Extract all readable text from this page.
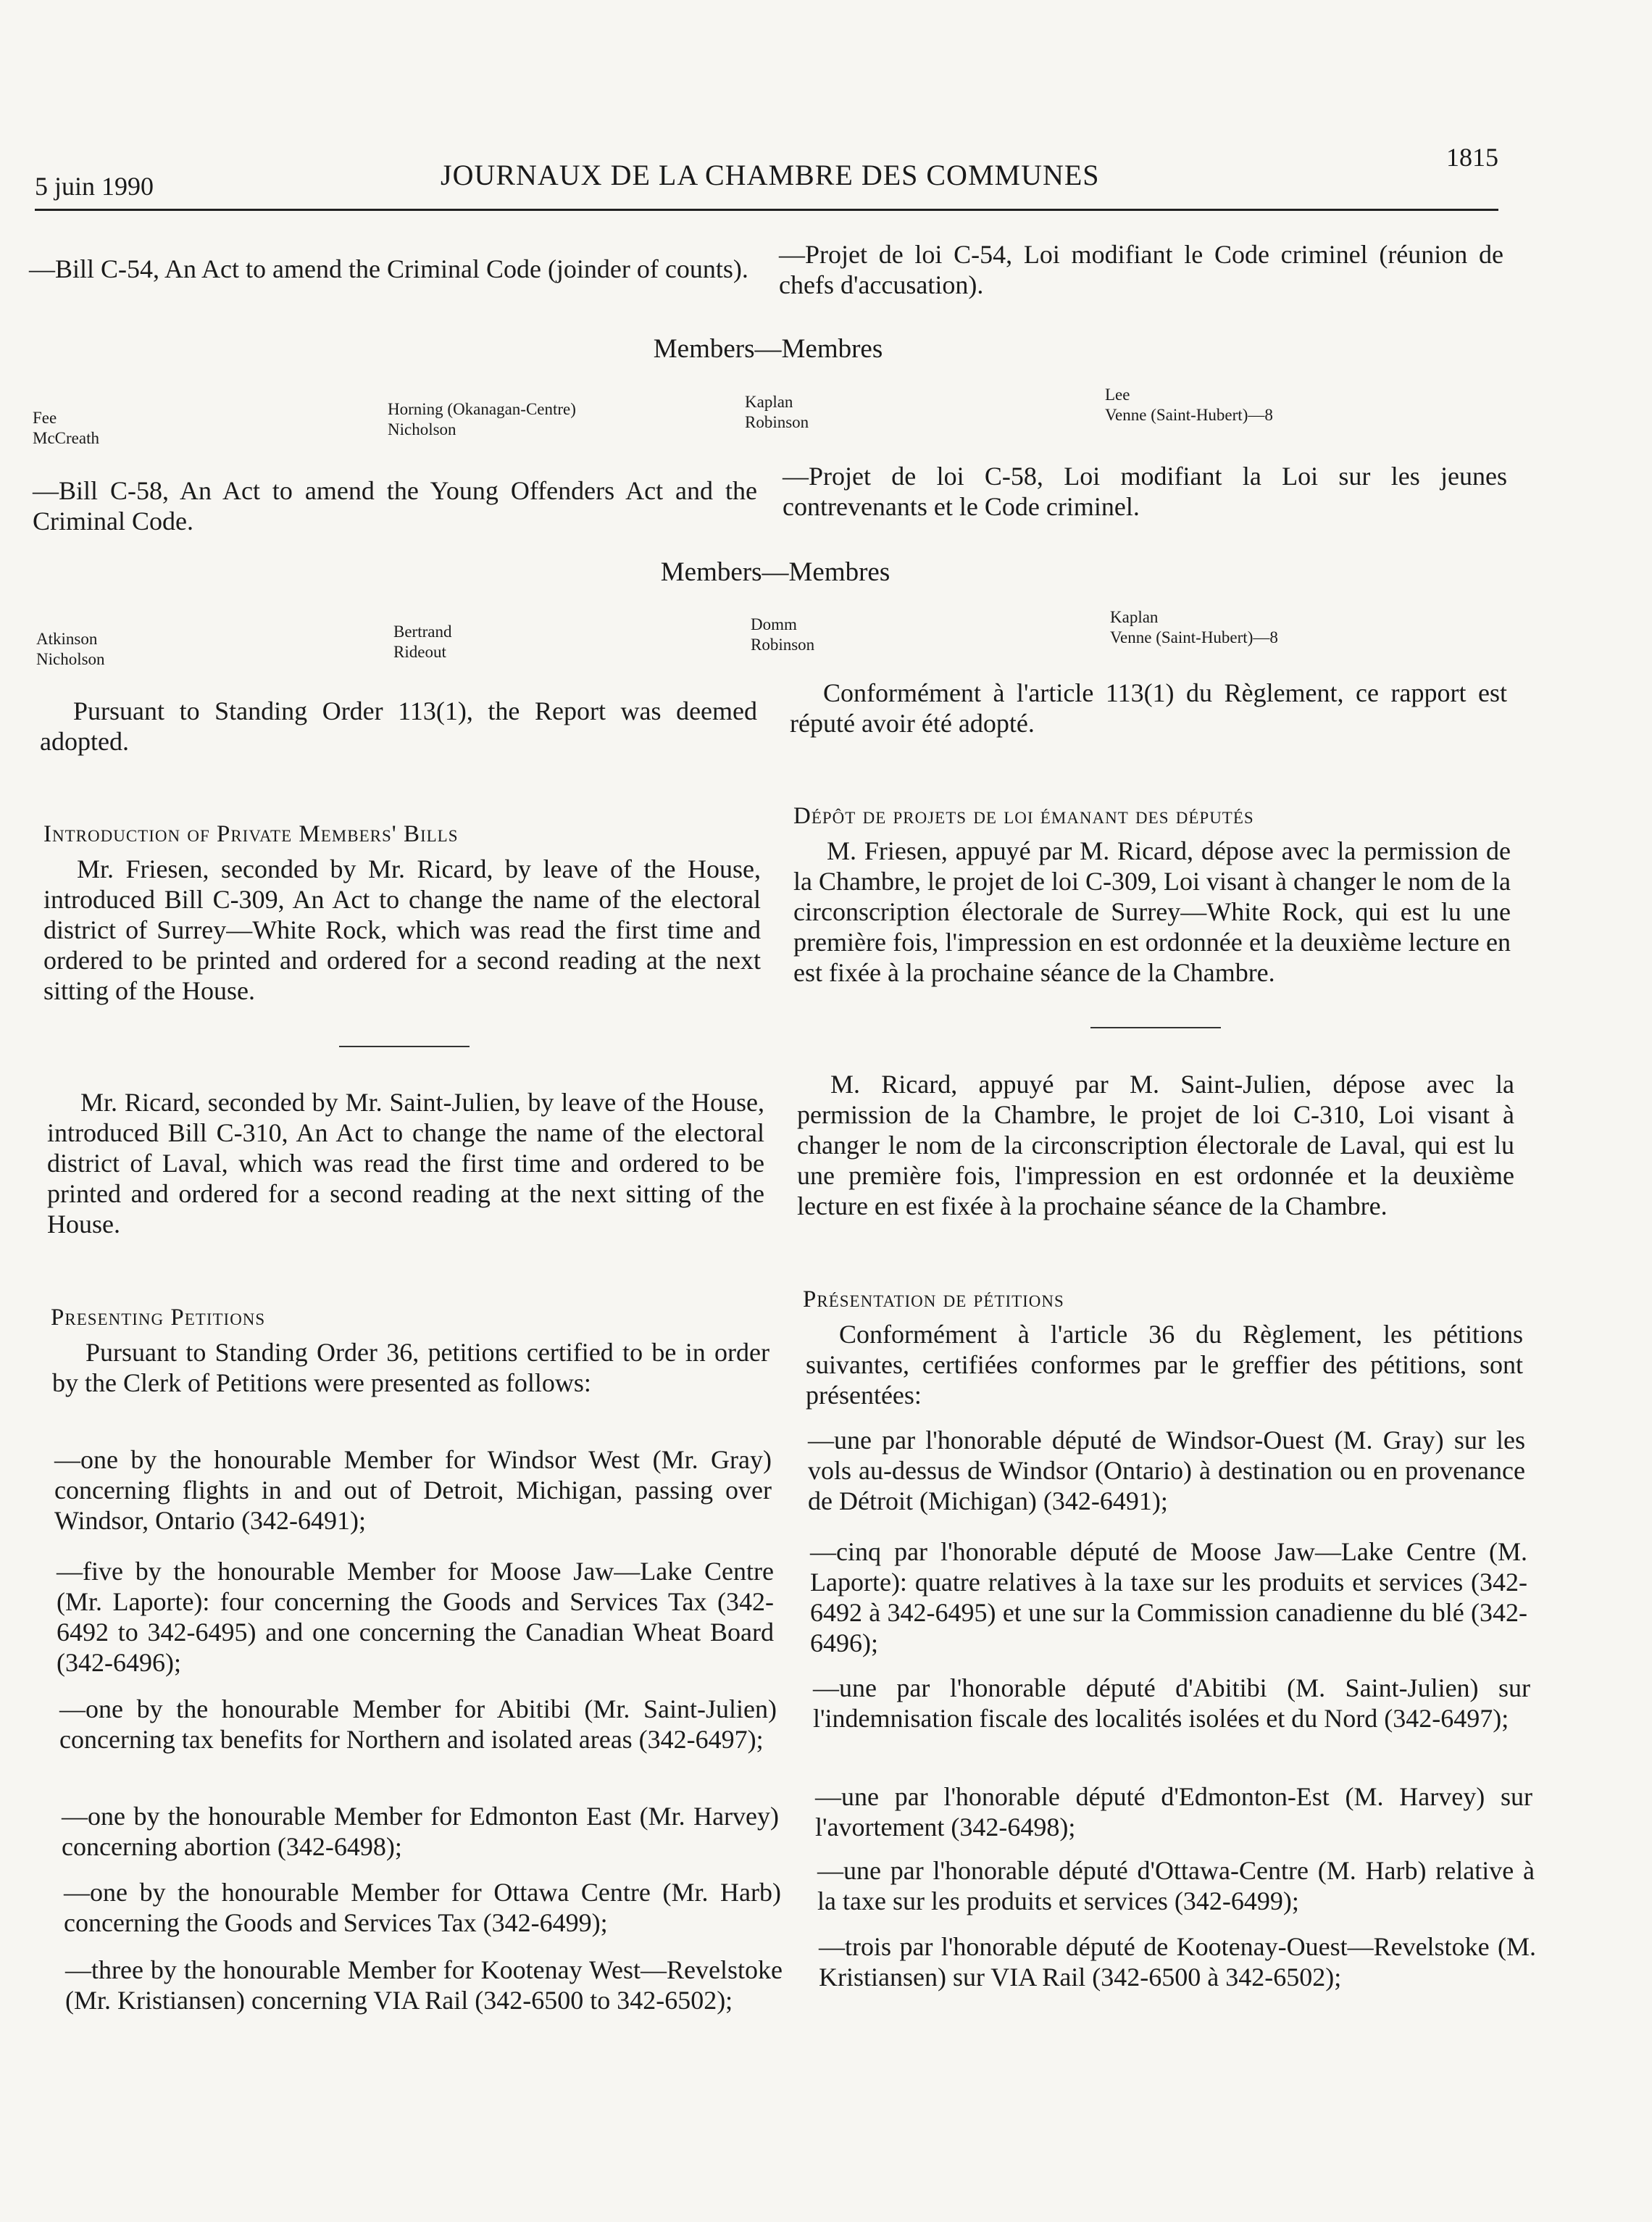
5 juin 1990	JOURNAUX DE LA CHAMBRE DES COMMUNES
1815
—Bill C-54, An Act to amend the Criminal Code (joinder of counts). —Projet de loi C-54, Loi modifiant le Code criminel (réunion de chefs d'accusation).
Members—Membres
Fee
McCreath
Horning (Okanagan-Centre)
Nicholson
Kaplan
Robinson
Lee
Venne (Saint-Hubert)—8
—Bill C-58, An Act to amend the Young Offenders Act and the Criminal Code.
—Projet de loi C-58, Loi modifiant la Loi sur les jeunes contrevenants et le Code criminel.
Members—Membres
Atkinson
Nicholson
Bertrand
Rideout
Domm
Robinson
Kaplan
Venne (Saint-Hubert)—8
Pursuant to Standing Order 113(1), the Report was deemed adopted.
Conformément à l'article 113(1) du Règlement, ce rapport est réputé avoir été adopté.
Introduction of Private Members' Bills
Dépôt de projets de loi émanant des députés
Mr. Friesen, seconded by Mr. Ricard, by leave of the House, introduced Bill C-309, An Act to change the name of the electoral district of Surrey—White Rock, which was read the first time and ordered to be printed and ordered for a second reading at the next sitting of the House.
M. Friesen, appuyé par M. Ricard, dépose avec la permission de la Chambre, le projet de loi C-309, Loi visant à changer le nom de la circonscription électorale de Surrey—White Rock, qui est lu une première fois, l'impression en est ordonnée et la deuxième lecture en est fixée à la prochaine séance de la Chambre.
Mr. Ricard, seconded by Mr. Saint-Julien, by leave of the House, introduced Bill C-310, An Act to change the name of the electoral district of Laval, which was read the first time and ordered to be printed and ordered for a second reading at the next sitting of the House.
M. Ricard, appuyé par M. Saint-Julien, dépose avec la permission de la Chambre, le projet de loi C-310, Loi visant à changer le nom de la circonscription électorale de Laval, qui est lu une première fois, l'impression en est ordonnée et la deuxième lecture en est fixée à la prochaine séance de la Chambre.
Presenting Petitions
Présentation de pétitions
Pursuant to Standing Order 36, petitions certified to be in order by the Clerk of Petitions were presented as follows:
Conformément à l'article 36 du Règlement, les pétitions suivantes, certifiées conformes par le greffier des pétitions, sont présentées:
—one by the honourable Member for Windsor West (Mr. Gray) concerning flights in and out of Detroit, Michigan, passing over Windsor, Ontario (342-6491);
—five by the honourable Member for Moose Jaw—Lake Centre (Mr. Laporte): four concerning the Goods and Services Tax (342-6492 to 342-6495) and one concerning the Canadian Wheat Board (342-6496);
—one by the honourable Member for Abitibi (Mr. Saint-Julien) concerning tax benefits for Northern and isolated areas (342-6497);
—one by the honourable Member for Edmonton East (Mr. Harvey) concerning abortion (342-6498);
—one by the honourable Member for Ottawa Centre (Mr. Harb) concerning the Goods and Services Tax (342-6499);
—three by the honourable Member for Kootenay West—Revelstoke (Mr. Kristiansen) concerning VIA Rail (342-6500 to 342-6502);
—une par l'honorable député de Windsor-Ouest (M. Gray) sur les vols au-dessus de Windsor (Ontario) à destination ou en provenance de Détroit (Michigan) (342-6491);
—cinq par l'honorable député de Moose Jaw—Lake Centre (M. Laporte): quatre relatives à la taxe sur les produits et services (342-6492 à 342-6495) et une sur la Commission canadienne du blé (342-6496);
—une par l'honorable député d'Abitibi (M. Saint-Julien) sur l'indemnisation fiscale des localités isolées et du Nord (342-6497);
—une par l'honorable député d'Edmonton-Est (M. Harvey) sur l'avortement (342-6498);
—une par l'honorable député d'Ottawa-Centre (M. Harb) relative à la taxe sur les produits et services (342-6499);
—trois par l'honorable député de Kootenay-Ouest—Revelstoke (M. Kristiansen) sur VIA Rail (342-6500 à 342-6502);
